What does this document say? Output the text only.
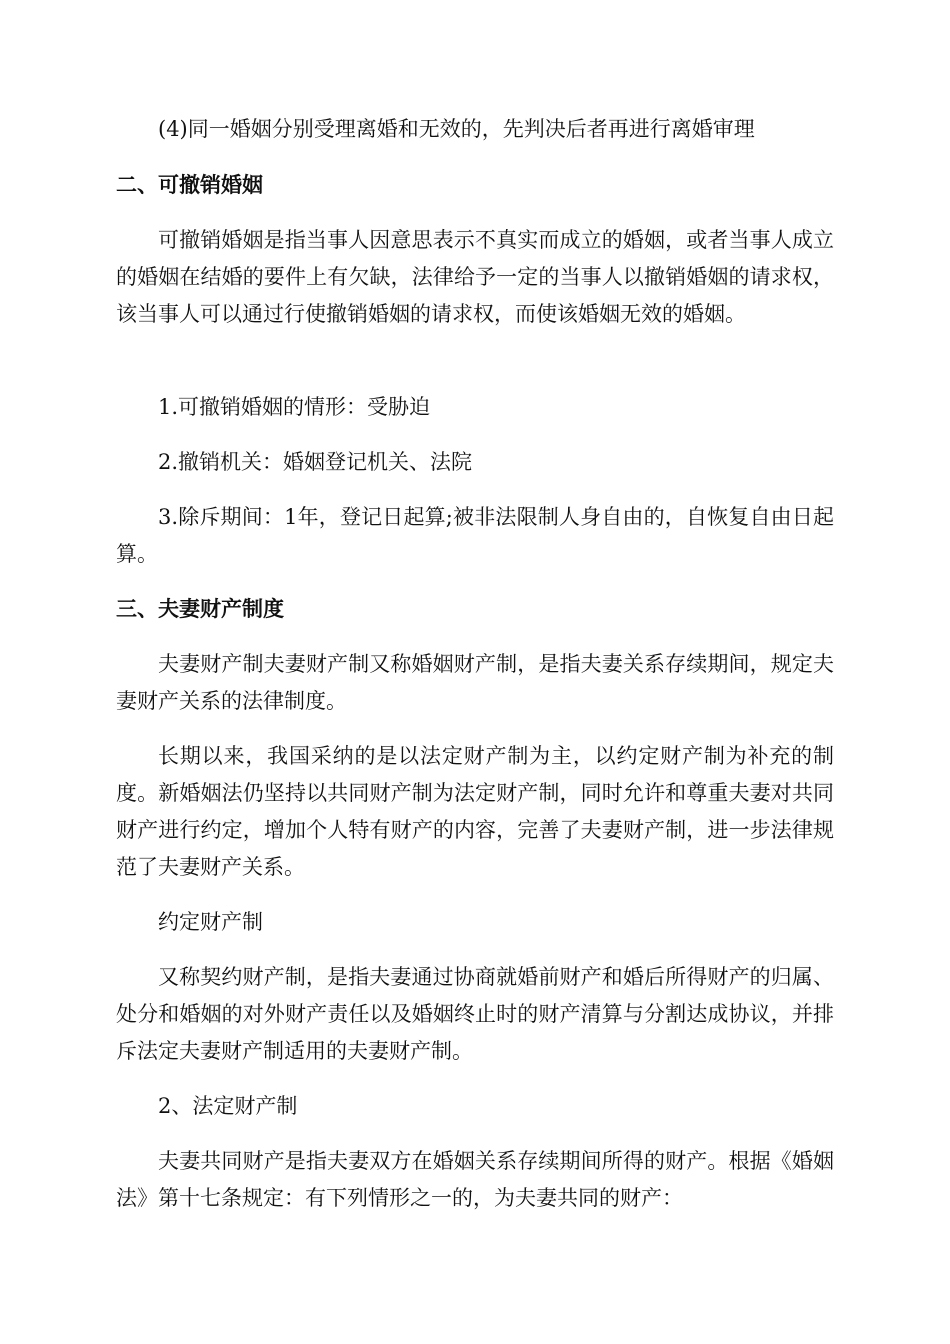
(4)同一婚姻分别受理离婚和无效的，先判决后者再进行离婚审理

二、可撤销婚姻

可撤销婚姻是指当事人因意思表示不真实而成立的婚姻，或者当事人成立的婚姻在结婚的要件上有欠缺，法律给予一定的当事人以撤销婚姻的请求权，该当事人可以通过行使撤销婚姻的请求权，而使该婚姻无效的婚姻。

1.可撤销婚姻的情形：受胁迫

2.撤销机关：婚姻登记机关、法院

3.除斥期间：1年，登记日起算;被非法限制人身自由的，自恢复自由日起算。

三、夫妻财产制度

夫妻财产制夫妻财产制又称婚姻财产制，是指夫妻关系存续期间，规定夫妻财产关系的法律制度。

长期以来，我国采纳的是以法定财产制为主，以约定财产制为补充的制度。新婚姻法仍坚持以共同财产制为法定财产制，同时允许和尊重夫妻对共同财产进行约定，增加个人特有财产的内容，完善了夫妻财产制，进一步法律规范了夫妻财产关系。

约定财产制

又称契约财产制，是指夫妻通过协商就婚前财产和婚后所得财产的归属、处分和婚姻的对外财产责任以及婚姻终止时的财产清算与分割达成协议，并排斥法定夫妻财产制适用的夫妻财产制。

2、法定财产制

夫妻共同财产是指夫妻双方在婚姻关系存续期间所得的财产。根据《婚姻法》第十七条规定：有下列情形之一的，为夫妻共同的财产：
